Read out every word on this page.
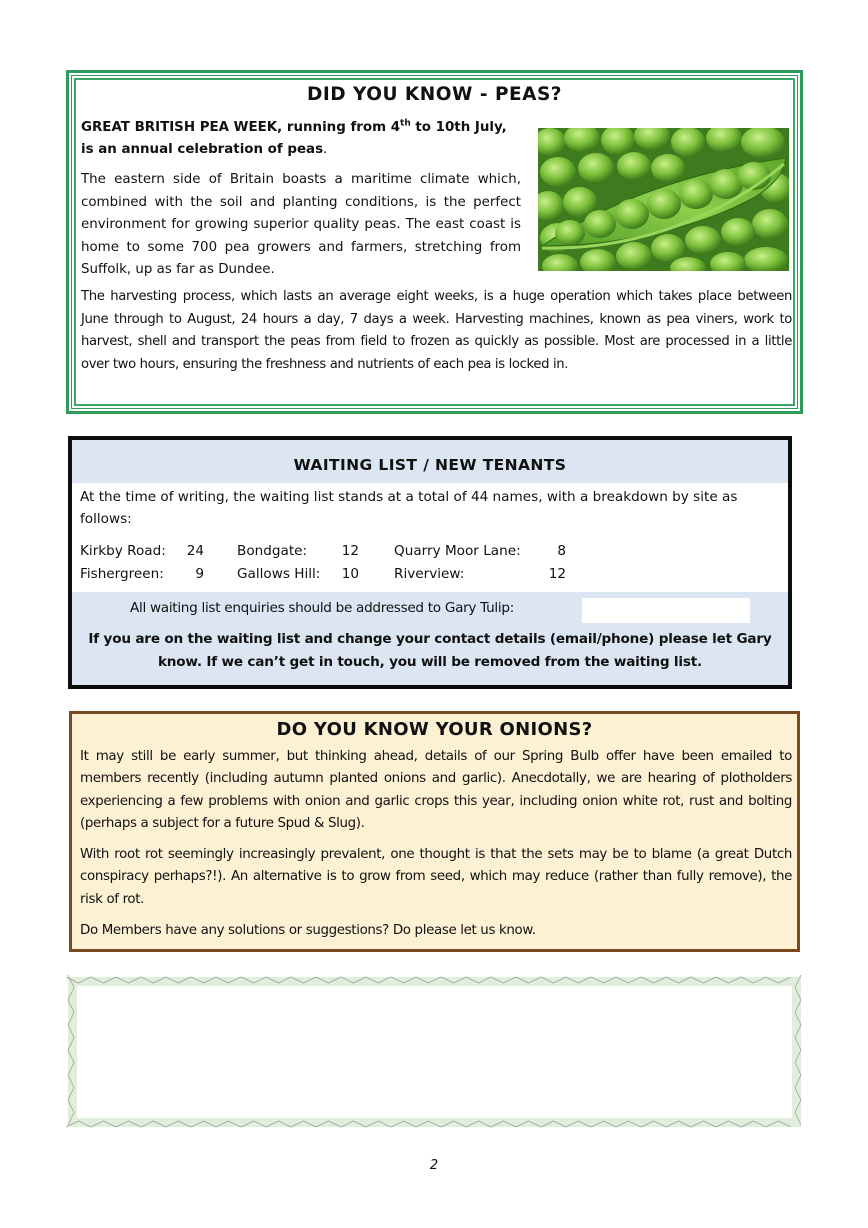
DID YOU KNOW - PEAS?
GREAT BRITISH PEA WEEK, running from 4th to 10th July, is an annual celebration of peas.

The eastern side of Britain boasts a maritime climate which, combined with the soil and planting conditions, is the perfect environment for growing superior quality peas. The east coast is home to some 700 pea growers and farmers, stretching from Suffolk, up as far as Dundee.

The harvesting process, which lasts an average eight weeks, is a huge operation which takes place between June through to August, 24 hours a day, 7 days a week. Harvesting machines, known as pea viners, work to harvest, shell and transport the peas from field to frozen as quickly as possible. Most are processed in a little over two hours, ensuring the freshness and nutrients of each pea is locked in.

WAITING LIST / NEW TENANTS

At the time of writing, the waiting list stands at a total of 44 names, with a breakdown by site as follows:

Kirkby Road:	24 Bondgate:	12	Quarry Moor Lane:	8
Fishergreen:	9 Gallows Hill:	10	Riverview:	12
All waiting list enquiries should be addressed to Gary Tulip:

If you are on the waiting list and change your contact details (email/phone) please let Gary know. If we can’t get in touch, you will be removed from the waiting list.

DO YOU KNOW YOUR ONIONS?

It may still be early summer, but thinking ahead, details of our Spring Bulb offer have been emailed to members recently (including autumn planted onions and garlic). Anecdotally, we are hearing of plotholders experiencing a few problems with onion and garlic crops this year, including onion white rot, rust and bolting (perhaps a subject for a future Spud & Slug).

With root rot seemingly increasingly prevalent, one thought is that the sets may be to blame (a great Dutch conspiracy perhaps?!). An alternative is to grow from seed, which may reduce (rather than fully remove), the risk of rot.

Do Members have any solutions or suggestions? Do please let us know.

2
